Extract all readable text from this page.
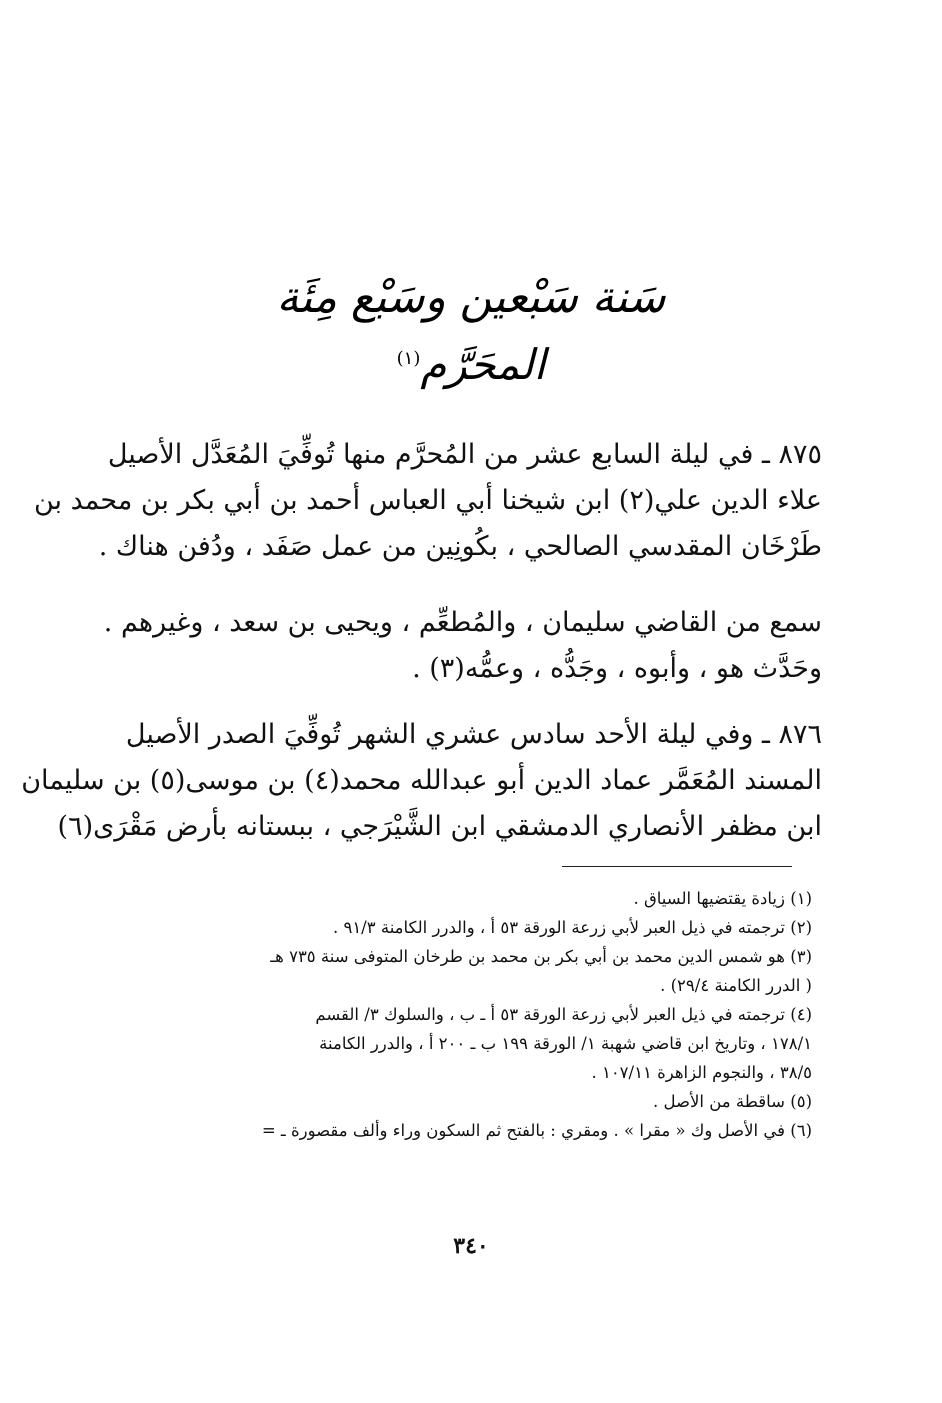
سَنة سَبْعين وسَبْع مِئَة
المحَرَّم$^{(١)}$
٨٧٥ ـ في ليلة السابع عشر من المُحرَّم منها تُوفِّيَ المُعَدَّل الأصيل
علاء الدين علي(٢) ابن شيخنا أبي العباس أحمد بن أبي بكر بن محمد بن
طَرْخَان المقدسي الصالحي ، بكُونِين من عمل صَفَد ، ودُفن هناك .
سمع من القاضي سليمان ، والمُطعِّم ، ويحيى بن سعد ، وغيرهم .
وحَدَّث هو ، وأبوه ، وجَدُّه ، وعمُّه(٣) .
٨٧٦ ـ وفي ليلة الأحد سادس عشري الشهر تُوفِّيَ الصدر الأصيل
المسند المُعَمَّر عماد الدين أبو عبدالله محمد(٤) بن موسى(٥) بن سليمان
ابن مظفر الأنصاري الدمشقي ابن الشَّيْرَجي ، ببستانه بأرض مَقْرَى(٦)
(١) زيادة يقتضيها السياق .
(٢) ترجمته في ذيل العبر لأبي زرعة الورقة ٥٣ أ ، والدرر الكامنة ٩١/٣ .
(٣) هو شمس الدين محمد بن أبي بكر بن محمد بن طرخان المتوفى سنة ٧٣٥ هـ
( الدرر الكامنة ٢٩/٤) .
(٤) ترجمته في ذيل العبر لأبي زرعة الورقة ٥٣ أ ـ ب ، والسلوك ٣/ القسم
١٧٨/١ ، وتاريخ ابن قاضي شهبة ١/ الورقة ١٩٩ ب ـ ٢٠٠ أ ، والدرر الكامنة
٣٨/٥ ، والنجوم الزاهرة ١٠٧/١١ .
(٥) ساقطة من الأصل .
(٦) في الأصل وك « مقرا » . ومقري : بالفتح ثم السكون وراء وألف مقصورة ـ =
٣٤٠
